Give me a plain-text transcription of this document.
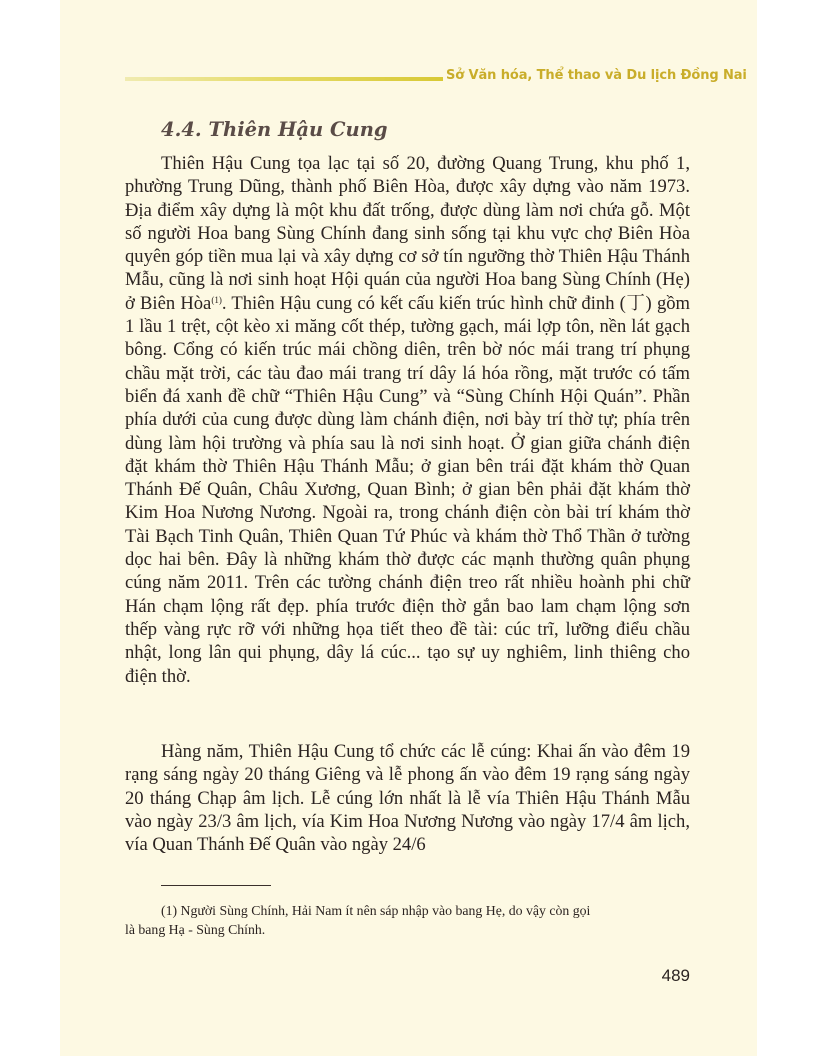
Sở Văn hóa, Thể thao và Du lịch Đồng Nai
4.4. Thiên Hậu Cung

Thiên Hậu Cung tọa lạc tại số 20, đường Quang Trung, khu phố 1, phường Trung Dũng, thành phố Biên Hòa, được xây dựng vào năm 1973. Địa điểm xây dựng là một khu đất trống, được dùng làm nơi chứa gỗ. Một số người Hoa bang Sùng Chính đang sinh sống tại khu vực chợ Biên Hòa quyên góp tiền mua lại và xây dựng cơ sở tín ngưỡng thờ Thiên Hậu Thánh Mẫu, cũng là nơi sinh hoạt Hội quán của người Hoa bang Sùng Chính (Hẹ) ở Biên Hòa$^{(1)}$. Thiên Hậu cung có kết cấu kiến trúc hình chữ đinh (丁) gồm 1 lầu 1 trệt, cột kèo xi măng cốt thép, tường gạch, mái lợp tôn, nền lát gạch bông. Cổng có kiến trúc mái chồng diên, trên bờ nóc mái trang trí phụng chầu mặt trời, các tàu đao mái trang trí dây lá hóa rồng, mặt trước có tấm biển đá xanh đề chữ “Thiên Hậu Cung” và “Sùng Chính Hội Quán”. Phần phía dưới của cung được dùng làm chánh điện, nơi bày trí thờ tự; phía trên dùng làm hội trường và phía sau là nơi sinh hoạt. Ở gian giữa chánh điện đặt khám thờ Thiên Hậu Thánh Mẫu; ở gian bên trái đặt khám thờ Quan Thánh Đế Quân, Châu Xương, Quan Bình; ở gian bên phải đặt khám thờ Kim Hoa Nương Nương. Ngoài ra, trong chánh điện còn bài trí khám thờ Tài Bạch Tinh Quân, Thiên Quan Tứ Phúc và khám thờ Thổ Thần ở tường dọc hai bên. Đây là những khám thờ được các mạnh thường quân phụng cúng năm 2011. Trên các tường chánh điện treo rất nhiều hoành phi chữ Hán chạm lộng rất đẹp. phía trước điện thờ gắn bao lam chạm lộng sơn thếp vàng rực rỡ với những họa tiết theo đề tài: cúc trĩ, lưỡng điểu chầu nhật, long lân qui phụng, dây lá cúc... tạo sự uy nghiêm, linh thiêng cho điện thờ.

Hàng năm, Thiên Hậu Cung tổ chức các lễ cúng: Khai ấn vào đêm 19 rạng sáng ngày 20 tháng Giêng và lễ phong ấn vào đêm 19 rạng sáng ngày 20 tháng Chạp âm lịch. Lễ cúng lớn nhất là lễ vía Thiên Hậu Thánh Mẫu vào ngày 23/3 âm lịch, vía Kim Hoa Nương Nương vào ngày 17/4 âm lịch, vía Quan Thánh Đế Quân vào ngày 24/6

(1) Người Sùng Chính, Hải Nam ít nên sáp nhập vào bang Hẹ, do vậy còn gọi
là bang Hạ - Sùng Chính.

489
